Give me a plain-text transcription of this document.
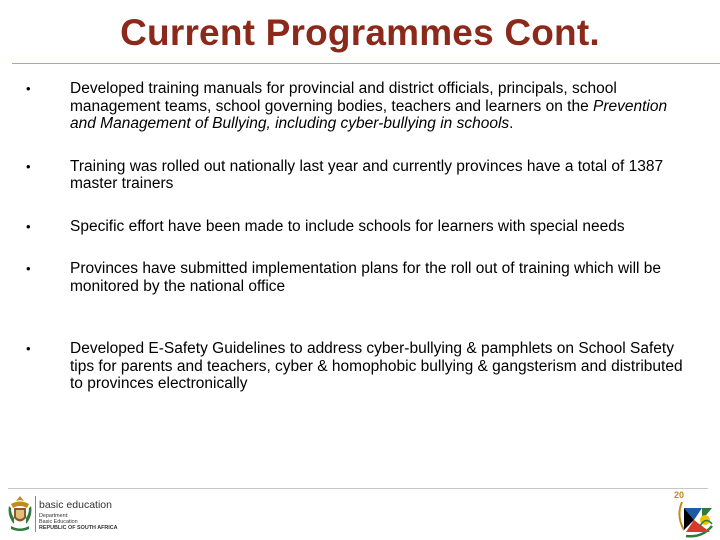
Current Programmes Cont.
•	Developed training manuals for provincial and district officials, principals, school management teams, school governing bodies, teachers and learners on the Prevention and Management of Bullying, including cyber-bullying in schools.
•	Training was rolled out nationally last year and currently provinces have a total of 1387 master trainers
•	Specific effort have been made to include schools for learners with special needs
•	Provinces have submitted implementation plans for the roll out of training which will be monitored by the national office
•	Developed E-Safety Guidelines to address cyber-bullying & pamphlets on School Safety tips for parents and teachers, cyber & homophobic bullying & gangsterism and distributed to provinces electronically
basic education
Department:
Basic Education
REPUBLIC OF SOUTH AFRICA
20
